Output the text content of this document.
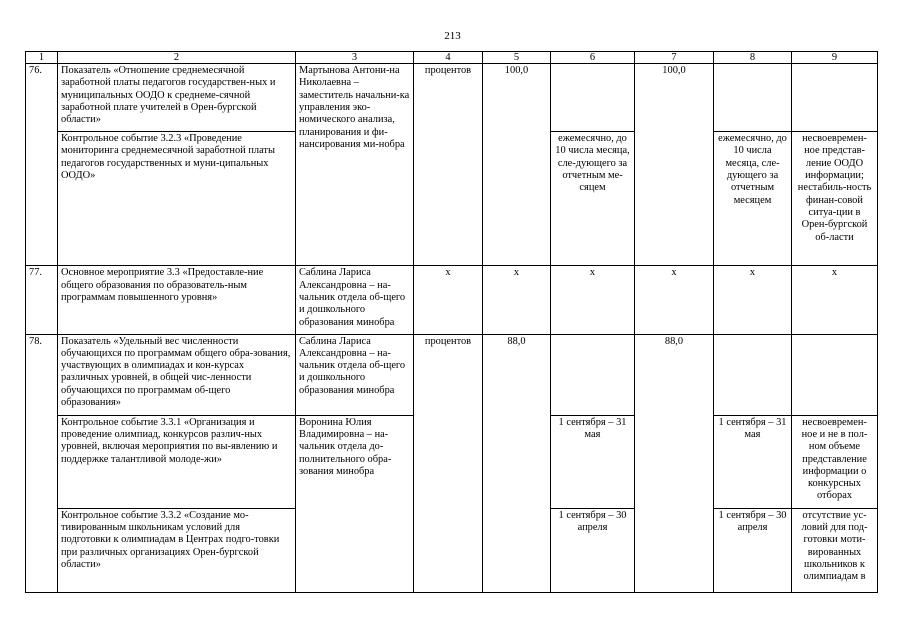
213
1	2	3	4	5	6	7	8	9
76.	Показатель «Отношение среднемесячной заработной платы педагогов государствен-ных и муниципальных ООДО к среднеме-сячной заработной плате учителей в Орен-бургской области»	Мартынова Антони-на Николаевна – заместитель начальни-ка управления эко-номического анализа, планирования и фи-нансирования ми-нобра	процентов	100,0		100,0		
	Контрольное событие 3.2.3 «Проведение мониторинга среднемесячной заработной платы педагогов государственных и муни-ципальных ООДО»				ежемесячно, до 10 числа месяца, сле-дующего за отчетным ме-сяцем		ежемесячно, до 10 числа месяца, сле-дующего за отчетным месяцем	несвоевремен-ное представ-ление ООДО информации; нестабиль-ность финан-совой ситуа-ции в Орен-бургской об-ласти
77.	Основное мероприятие 3.3 «Предоставле-ние общего образования по образователь-ным программам повышенного уровня»	Саблина Лариса Александровна – на-чальник отдела об-щего и дошкольного образования минобра	х	х	х	х	х	х
78.	Показатель «Удельный вес численности обучающихся по программам общего обра-зования, участвующих в олимпиадах и кон-курсах различных уровней, в общей чис-ленности обучающихся по программам об-щего образования»	Саблина Лариса Александровна – на-чальник отдела об-щего и дошкольного образования минобра	процентов	88,0		88,0		
	Контрольное событие 3.3.1 «Организация и проведение олимпиад, конкурсов различ-ных уровней, включая мероприятия по вы-явлению и поддержке талантливой молоде-жи»	Воронина Юлия Владимировна – на-чальник отдела до-полнительного обра-зования минобра			1 сентября – 31 мая		1 сентября – 31 мая	несвоевремен-ное и не в пол-ном объеме представление информации о конкурсных отборах
	Контрольное событие 3.3.2 «Создание мо-тивированным школьникам условий для подготовки к олимпиадам в Центрах подго-товки при различных организациях Орен-бургской области»				1 сентября – 30 апреля		1 сентября – 30 апреля	отсутствие ус-ловий для под-готовки моти-вированных школьников к олимпиадам в
